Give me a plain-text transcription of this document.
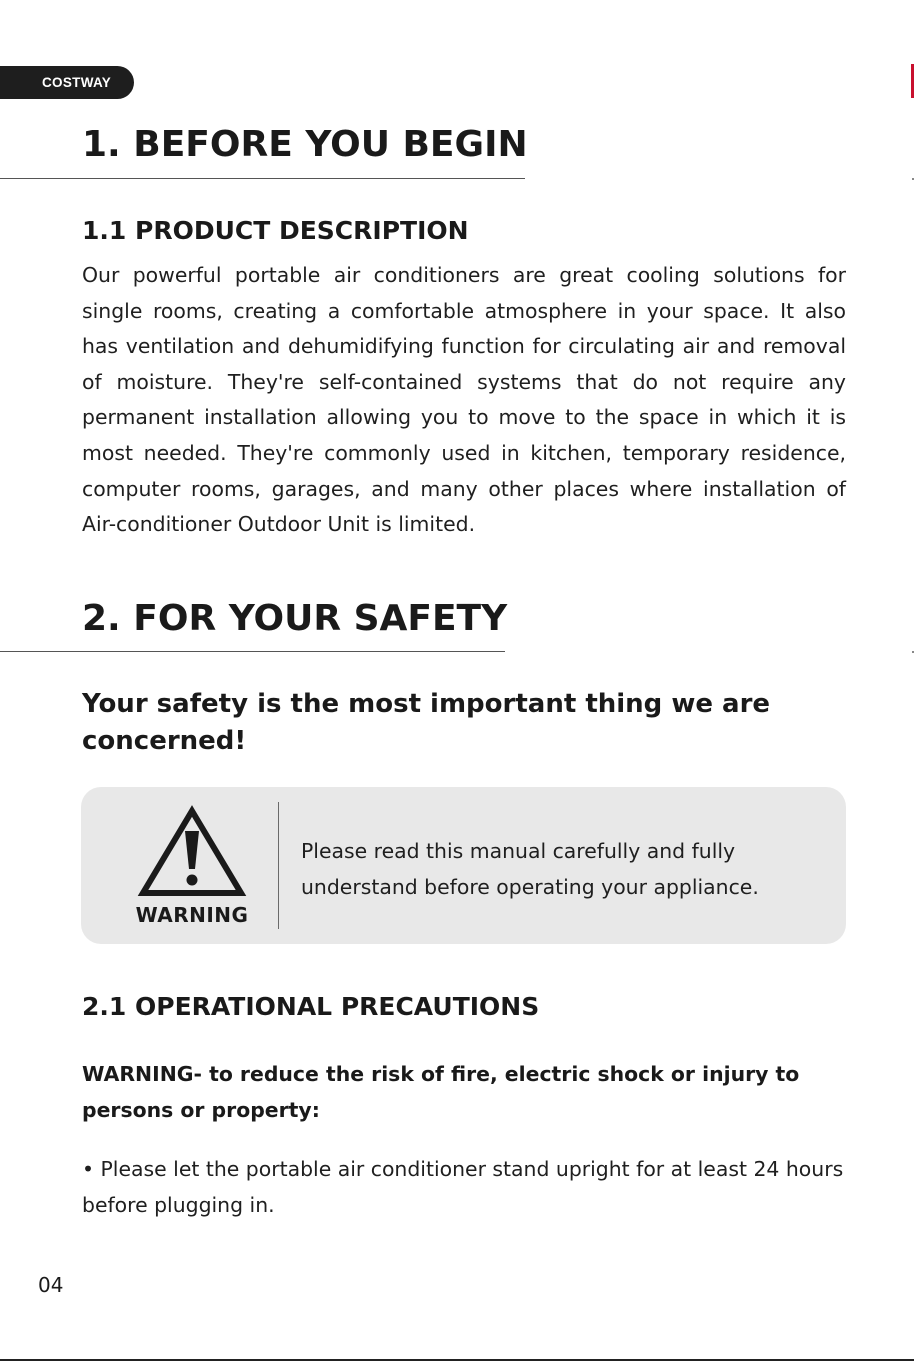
COSTWAY
1. BEFORE YOU BEGIN
1.1 PRODUCT DESCRIPTION

Our powerful portable air conditioners are great cooling solutions for single rooms, creating a comfortable atmosphere in your space. It also has ventilation and dehumidifying function for circulating air and removal of moisture. They're self-contained systems that do not require any permanent installation allowing you to move to the space in which it is most needed. They're commonly used in kitchen, temporary residence, computer rooms, garages, and many other places where installation of Air-conditioner Outdoor Unit is limited.

2. FOR YOUR SAFETY

Your safety is the most important thing we are concerned!

WARNING

Please read this manual carefully and fully understand before operating your appliance.

2.1 OPERATIONAL PRECAUTIONS

WARNING- to reduce the risk of fire, electric shock or injury to persons or property:

• Please let the portable air conditioner stand upright for at least 24 hours before plugging in.

04
